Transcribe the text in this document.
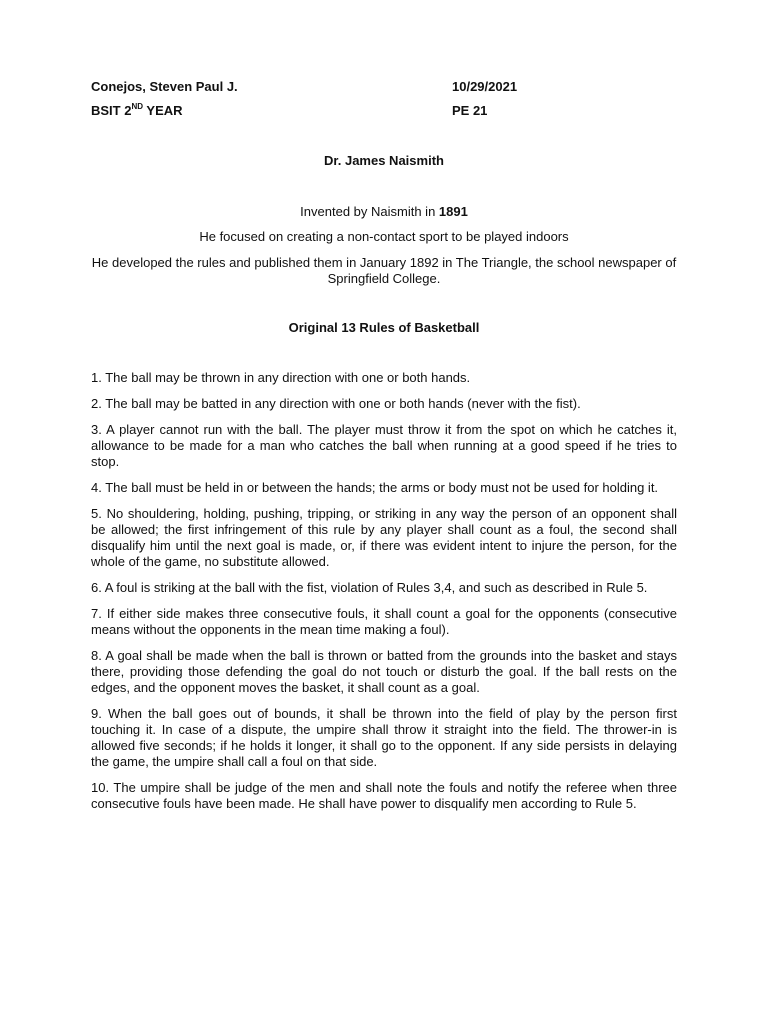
Conejos, Steven Paul J.	10/29/2021
BSIT 2ND YEAR	PE 21
Dr. James Naismith
Invented by Naismith in 1891
He focused on creating a non-contact sport to be played indoors
He developed the rules and published them in January 1892 in The Triangle, the school newspaper of Springfield College.
Original 13 Rules of Basketball
1. The ball may be thrown in any direction with one or both hands.
2. The ball may be batted in any direction with one or both hands (never with the fist).
3. A player cannot run with the ball. The player must throw it from the spot on which he catches it, allowance to be made for a man who catches the ball when running at a good speed if he tries to stop.
4. The ball must be held in or between the hands; the arms or body must not be used for holding it.
5. No shouldering, holding, pushing, tripping, or striking in any way the person of an opponent shall be allowed; the first infringement of this rule by any player shall count as a foul, the second shall disqualify him until the next goal is made, or, if there was evident intent to injure the person, for the whole of the game, no substitute allowed.
6. A foul is striking at the ball with the fist, violation of Rules 3,4, and such as described in Rule 5.
7. If either side makes three consecutive fouls, it shall count a goal for the opponents (consecutive means without the opponents in the mean time making a foul).
8. A goal shall be made when the ball is thrown or batted from the grounds into the basket and stays there, providing those defending the goal do not touch or disturb the goal. If the ball rests on the edges, and the opponent moves the basket, it shall count as a goal.
9. When the ball goes out of bounds, it shall be thrown into the field of play by the person first touching it. In case of a dispute, the umpire shall throw it straight into the field. The thrower-in is allowed five seconds; if he holds it longer, it shall go to the opponent. If any side persists in delaying the game, the umpire shall call a foul on that side.
10. The umpire shall be judge of the men and shall note the fouls and notify the referee when three consecutive fouls have been made. He shall have power to disqualify men according to Rule 5.
